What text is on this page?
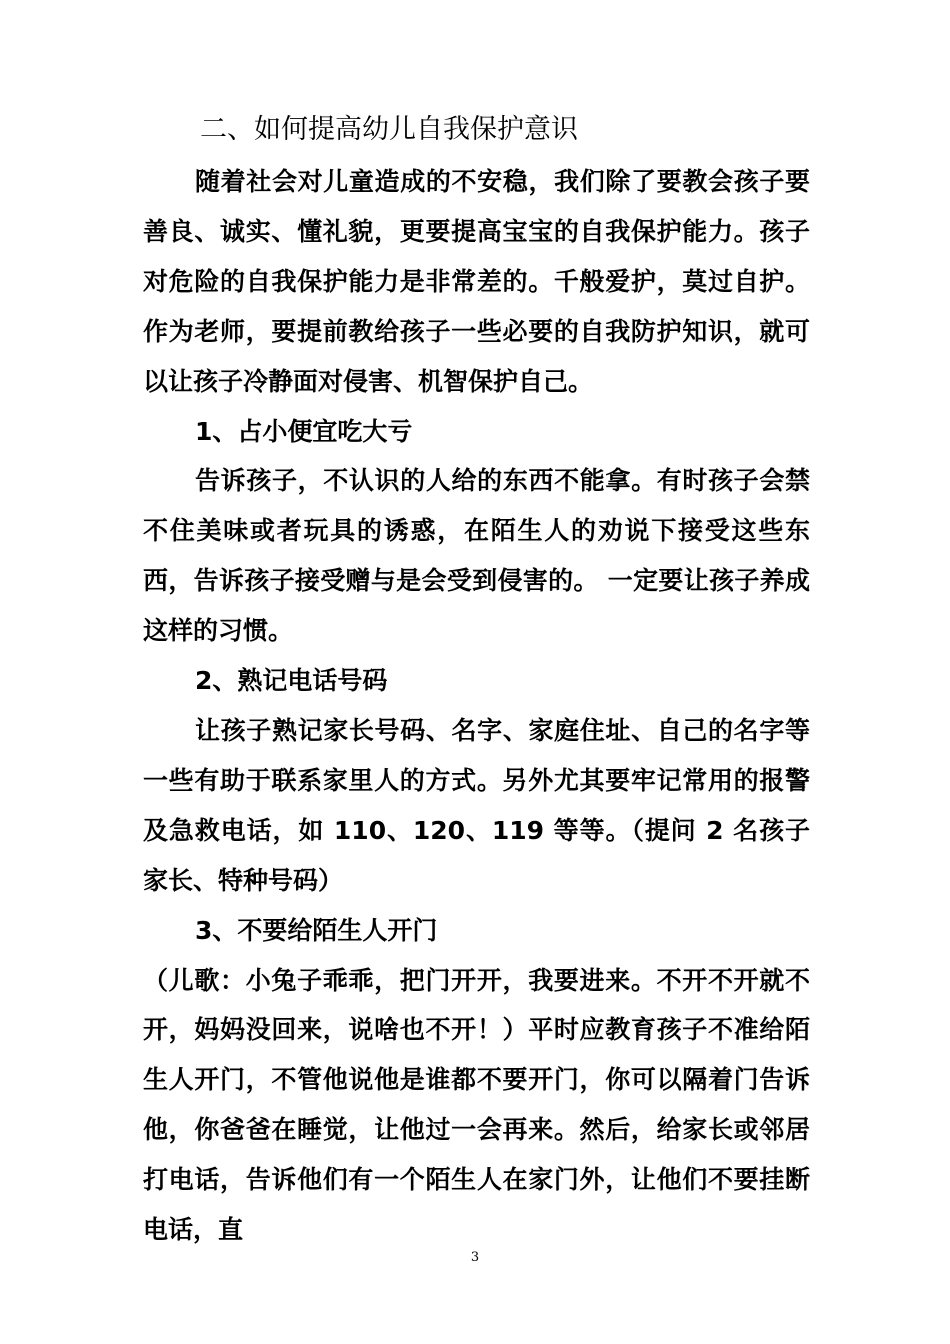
二、如何提高幼儿自我保护意识

随着社会对儿童造成的不安稳，我们除了要教会孩子要善良、诚实、懂礼貌，更要提高宝宝的自我保护能力。孩子对危险的自我保护能力是非常差的。千般爱护，莫过自护。作为老师，要提前教给孩子一些必要的自我防护知识，就可以让孩子冷静面对侵害、机智保护自己。

1、占小便宜吃大亏

告诉孩子，不认识的人给的东西不能拿。有时孩子会禁不住美味或者玩具的诱惑，在陌生人的劝说下接受这些东西，告诉孩子接受赠与是会受到侵害的。 一定要让孩子养成这样的习惯。

2、熟记电话号码

让孩子熟记家长号码、名字、家庭住址、自己的名字等一些有助于联系家里人的方式。另外尤其要牢记常用的报警及急救电话，如 110、120、119 等等。（提问 2 名孩子家长、特种号码）

3、不要给陌生人开门

（儿歌：小兔子乖乖，把门开开，我要进来。不开不开就不开，妈妈没回来，说啥也不开！）平时应教育孩子不准给陌生人开门，不管他说他是谁都不要开门，你可以隔着门告诉他，你爸爸在睡觉，让他过一会再来。然后，给家长或邻居打电话，告诉他们有一个陌生人在家门外，让他们不要挂断电话，直

3
